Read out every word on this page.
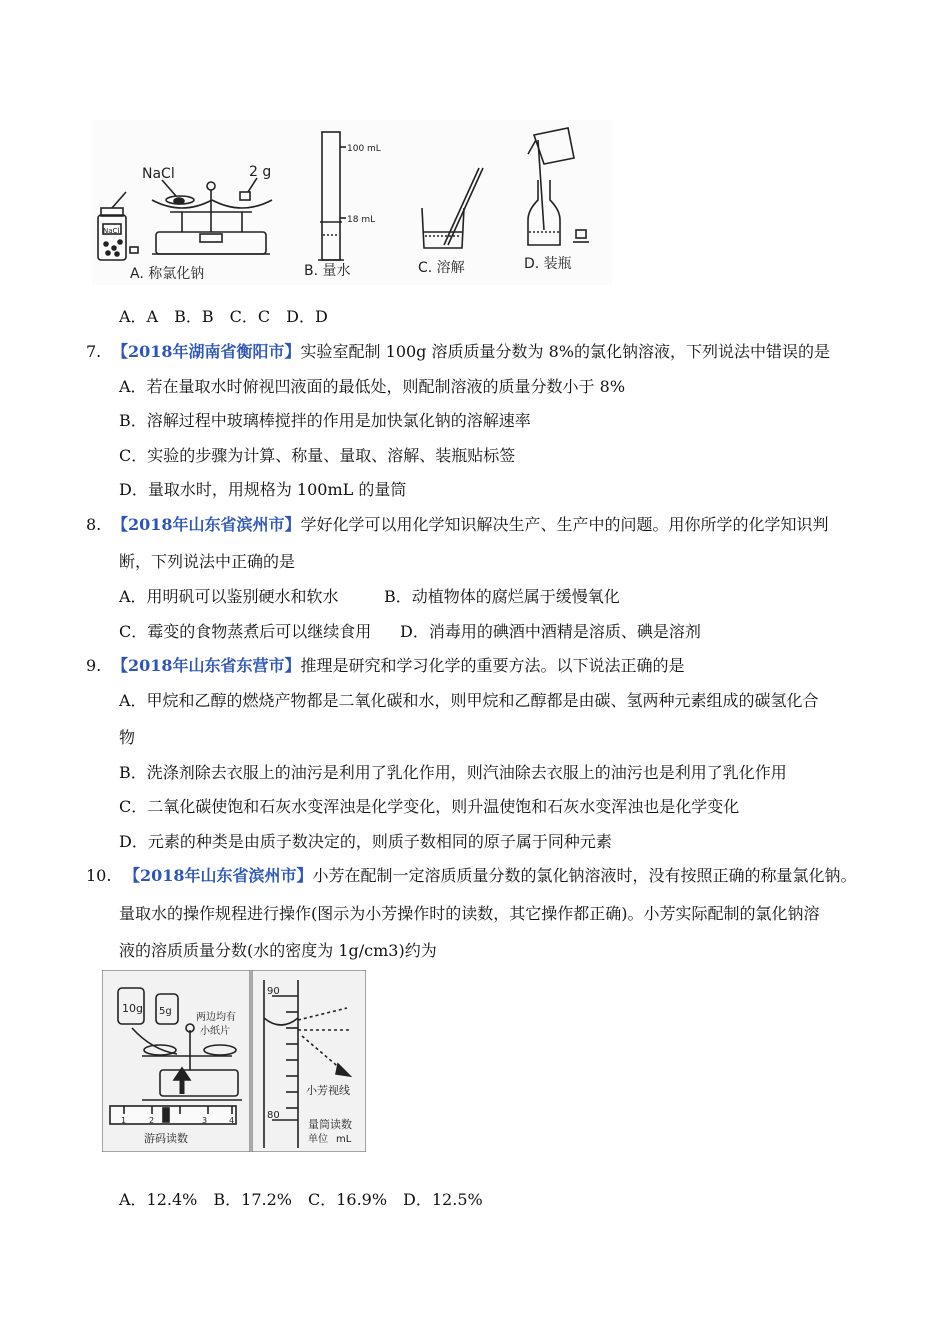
NaCl	2 g
NaCl
A. 称氯化钠
100 mL
18 mL
B. 量水	C. 溶解	D. 装瓶
A．A　B．B　C．C　D．D
7. 【2018年湖南省衡阳市】实验室配制 100g 溶质质量分数为 8%的氯化钠溶液，下列说法中错误的是
A．若在量取水时俯视凹液面的最低处，则配制溶液的质量分数小于 8%
B．溶解过程中玻璃棒搅拌的作用是加快氯化钠的溶解速率
C．实验的步骤为计算、称量、量取、溶解、装瓶贴标签
D．量取水时，用规格为 100mL 的量筒
8. 【2018年山东省滨州市】学好化学可以用化学知识解决生产、生产中的问题。用你所学的化学知识判
断，下列说法中正确的是
A．用明矾可以鉴别硬水和软水	B．动植物体的腐烂属于缓慢氧化
C．霉变的食物蒸煮后可以继续食用 D．消毒用的碘酒中酒精是溶质、碘是溶剂
9. 【2018年山东省东营市】推理是研究和学习化学的重要方法。以下说法正确的是
A．甲烷和乙醇的燃烧产物都是二氧化碳和水，则甲烷和乙醇都是由碳、氢两种元素组成的碳氢化合
物
B．洗涤剂除去衣服上的油污是利用了乳化作用，则汽油除去衣服上的油污也是利用了乳化作用
C．二氧化碳使饱和石灰水变浑浊是化学变化，则升温使饱和石灰水变浑浊也是化学变化
D．元素的种类是由质子数决定的，则质子数相同的原子属于同种元素
10. 【2018年山东省滨州市】小芳在配制一定溶质质量分数的氯化钠溶液时，没有按照正确的称量氯化钠。
量取水的操作规程进行操作(图示为小芳操作时的读数，其它操作都正确)。小芳实际配制的氯化钠溶
液的溶质质量分数(水的密度为 1g/cm3)约为
10g 5g
两边均有
小纸片
1	2	3	4
游码读数
90
80
小芳视线
量筒读数
单位 mL
A．12.4%　B．17.2%　C．16.9%　D．12.5%
